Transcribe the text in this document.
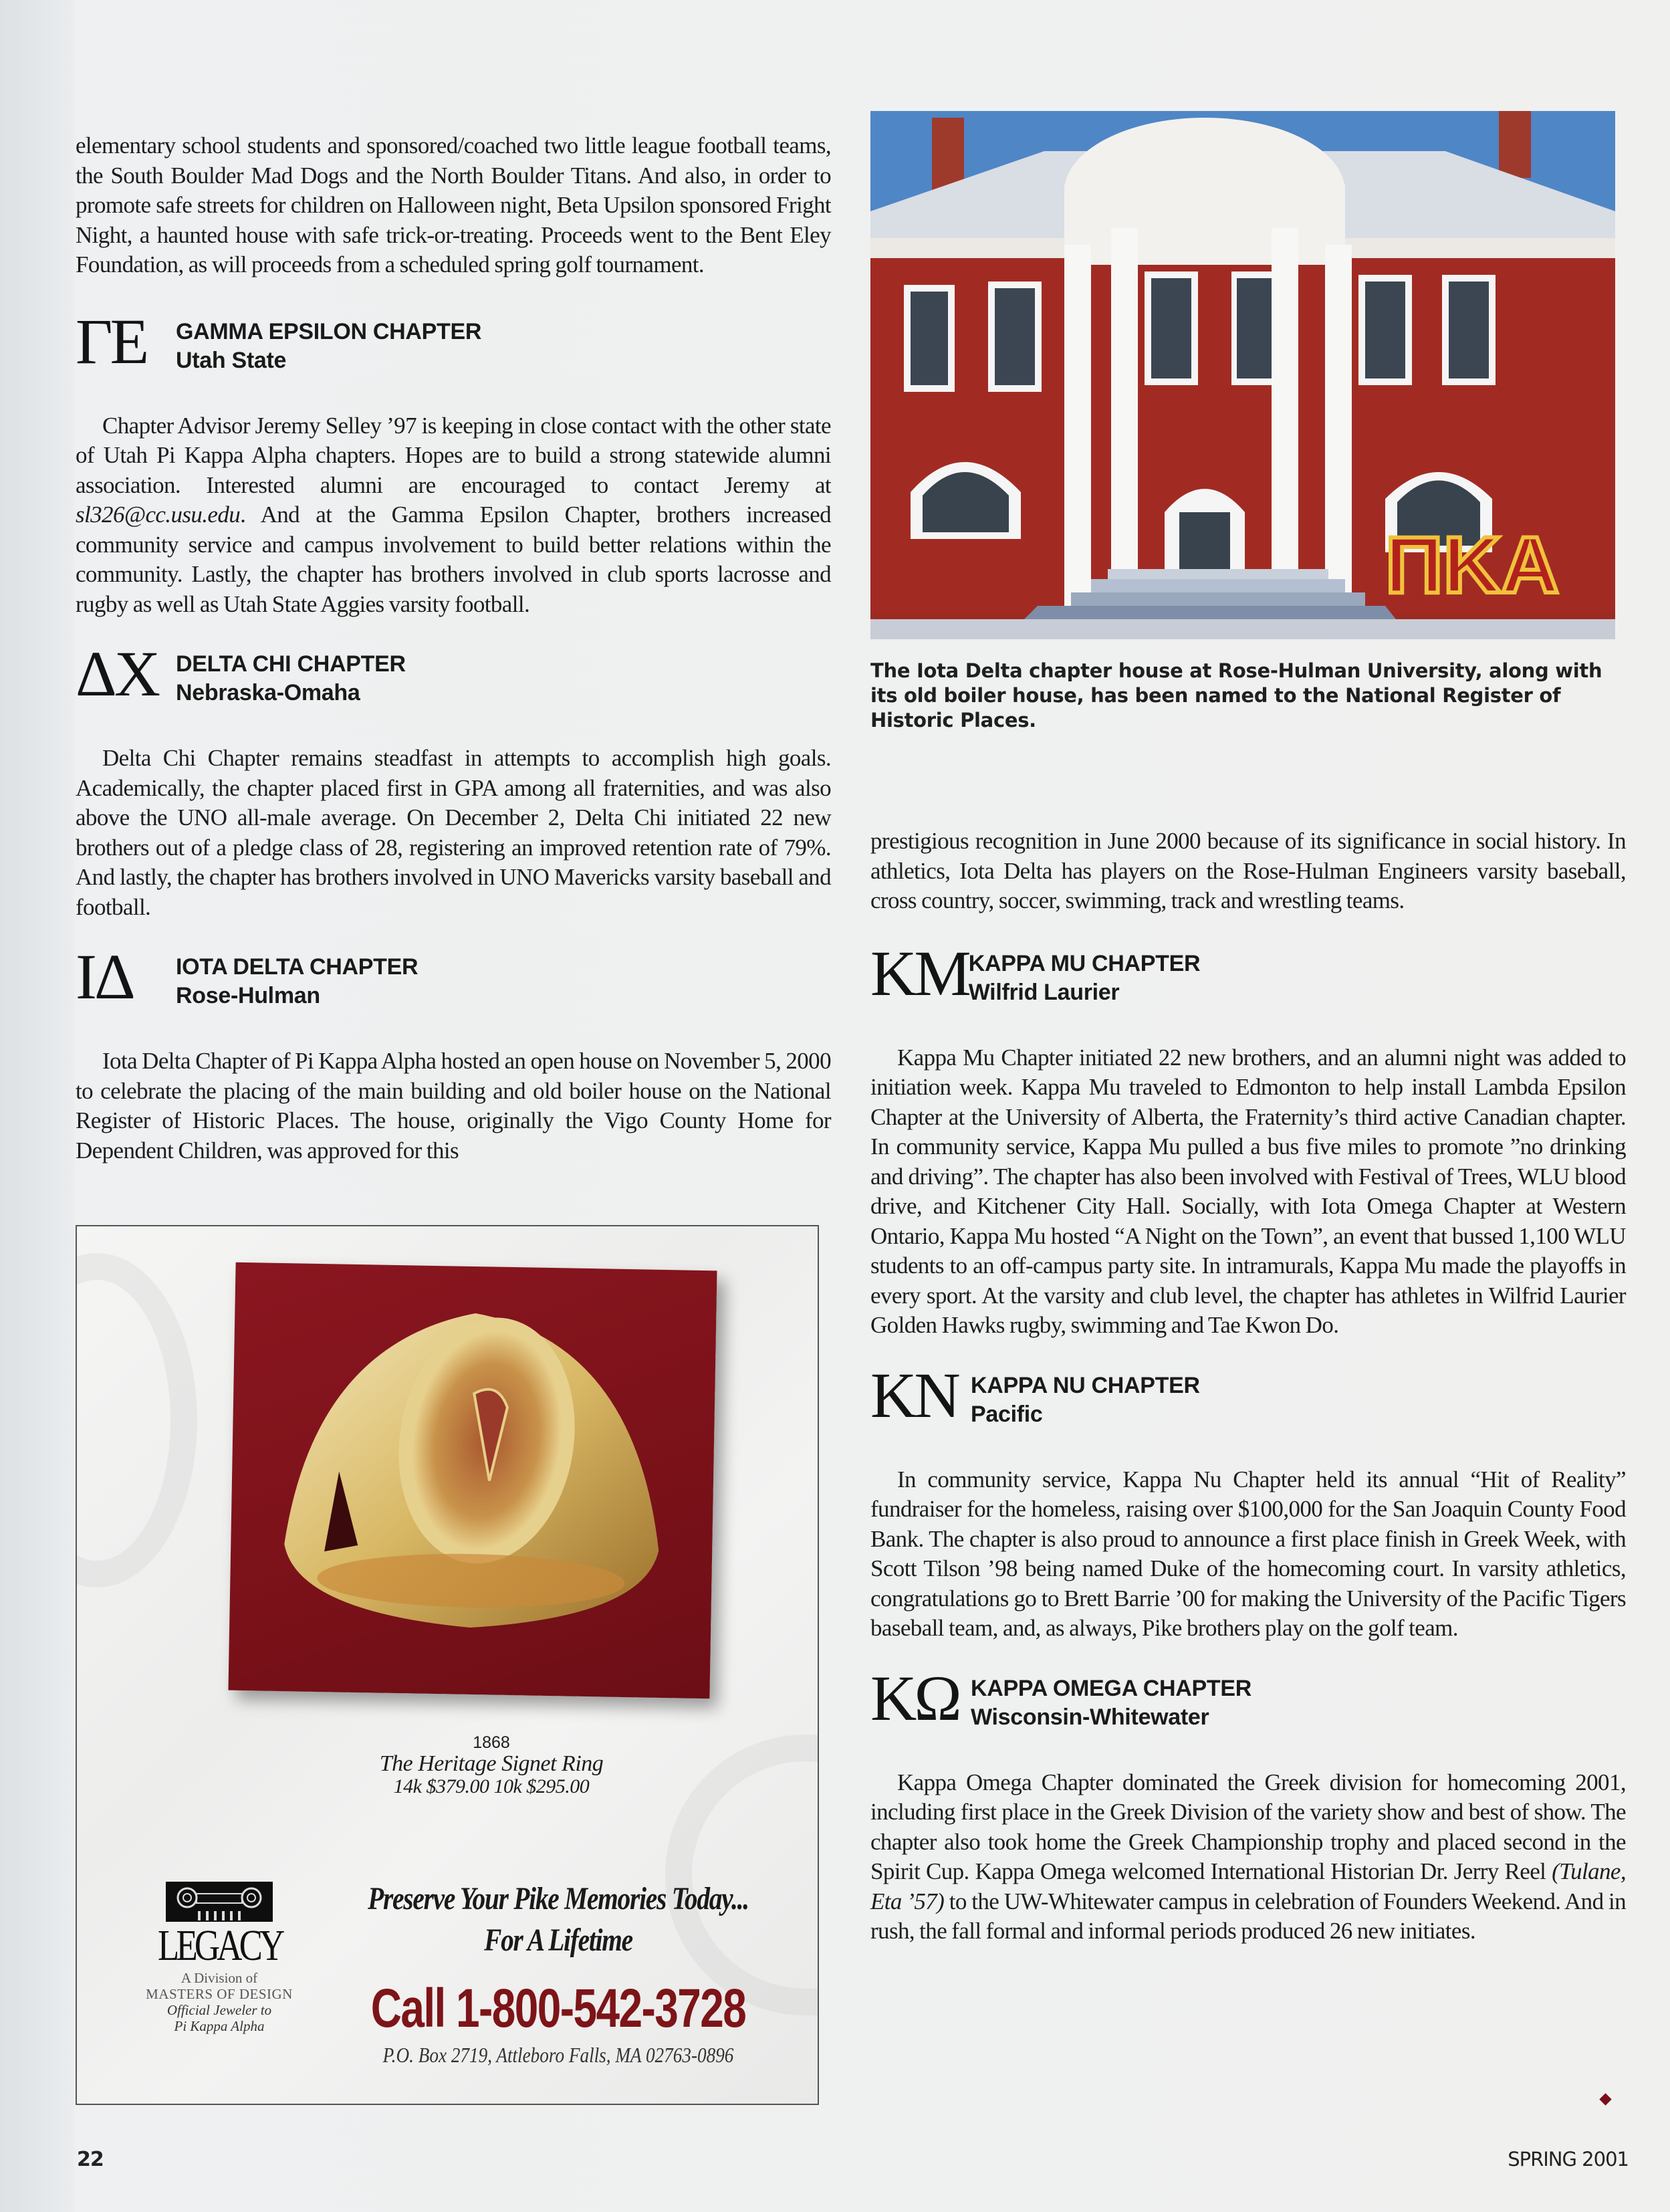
elementary school students and sponsored/coached two little league football teams, the South Boulder Mad Dogs and the North Boulder Titans. And also, in order to promote safe streets for children on Halloween night, Beta Upsilon sponsored Fright Night, a haunted house with safe trick-or-treating. Proceeds went to the Bent Eley Foundation, as will proceeds from a scheduled spring golf tournament.

ΓΕ	GAMMA EPSILON CHAPTER
Utah State

Chapter Advisor Jeremy Selley ’97 is keeping in close contact with the other state of Utah Pi Kappa Alpha chapters. Hopes are to build a strong statewide alumni association. Interested alumni are encouraged to contact Jeremy at sl326@cc.usu.edu. And at the Gamma Epsilon Chapter, brothers increased community service and campus involvement to build better relations within the community. Lastly, the chapter has brothers involved in club sports lacrosse and rugby as well as Utah State Aggies varsity football.

ΔΧ DELTA CHI CHAPTER
Nebraska-Omaha

Delta Chi Chapter remains steadfast in attempts to accomplish high goals. Academically, the chapter placed first in GPA among all fraternities, and was also above the UNO all-male average. On December 2, Delta Chi initiated 22 new brothers out of a pledge class of 28, registering an improved retention rate of 79%. And lastly, the chapter has brothers involved in UNO Mavericks varsity baseball and football.

ΙΔ	IOTA DELTA CHAPTER
Rose-Hulman

Iota Delta Chapter of Pi Kappa Alpha hosted an open house on November 5, 2000 to celebrate the placing of the main building and old boiler house on the National Register of Historic Places. The house, originally the Vigo County Home for Dependent Children, was approved for this

ΠΚΑ
The Iota Delta chapter house at Rose-Hulman University, along with its old boiler house, has been named to the National Register of Historic Places.

prestigious recognition in June 2000 because of its significance in social history. In athletics, Iota Delta has players on the Rose-Hulman Engineers varsity baseball, cross country, soccer, swimming, track and wrestling teams.

ΚΜ KAPPA MU CHAPTER
Wilfrid Laurier

Kappa Mu Chapter initiated 22 new brothers, and an alumni night was added to initiation week. Kappa Mu traveled to Edmonton to help install Lambda Epsilon Chapter at the University of Alberta, the Fraternity’s third active Canadian chapter. In community service, Kappa Mu pulled a bus five miles to promote ”no drinking and driving”. The chapter has also been involved with Festival of Trees, WLU blood drive, and Kitchener City Hall. Socially, with Iota Omega Chapter at Western Ontario, Kappa Mu hosted “A Night on the Town”, an event that bussed 1,100 WLU students to an off-campus party site. In intramurals, Kappa Mu made the playoffs in every sport. At the varsity and club level, the chapter has athletes in Wilfrid Laurier Golden Hawks rugby, swimming and Tae Kwon Do.

ΚΝ KAPPA NU CHAPTER
Pacific

In community service, Kappa Nu Chapter held its annual “Hit of Reality” fundraiser for the homeless, raising over $100,000 for the San Joaquin County Food Bank. The chapter is also proud to announce a first place finish in Greek Week, with Scott Tilson ’98 being named Duke of the homecoming court. In varsity athletics, congratulations go to Brett Barrie ’00 for making the University of the Pacific Tigers baseball team, and, as always, Pike brothers play on the golf team.

ΚΩ KAPPA OMEGA CHAPTER
Wisconsin-Whitewater

Kappa Omega Chapter dominated the Greek division for homecoming 2001, including first place in the Greek Division of the variety show and best of show. The chapter also took home the Greek Championship trophy and placed second in the Spirit Cup. Kappa Omega welcomed International Historian Dr. Jerry Reel (Tulane, Eta ’57) to the UW-Whitewater campus in celebration of Founders Weekend. And in rush, the fall formal and informal periods produced 26 new initiates.

1868
The Heritage Signet Ring
14k $379.00 10k $295.00
LEGACY
A Division of
MASTERS OF DESIGN
Official Jeweler to
Pi Kappa Alpha
Preserve Your Pike Memories Today...
For A Lifetime
Call 1-800-542-3728
P.O. Box 2719, Attleboro Falls, MA 02763-0896
22	SPRING 2001
